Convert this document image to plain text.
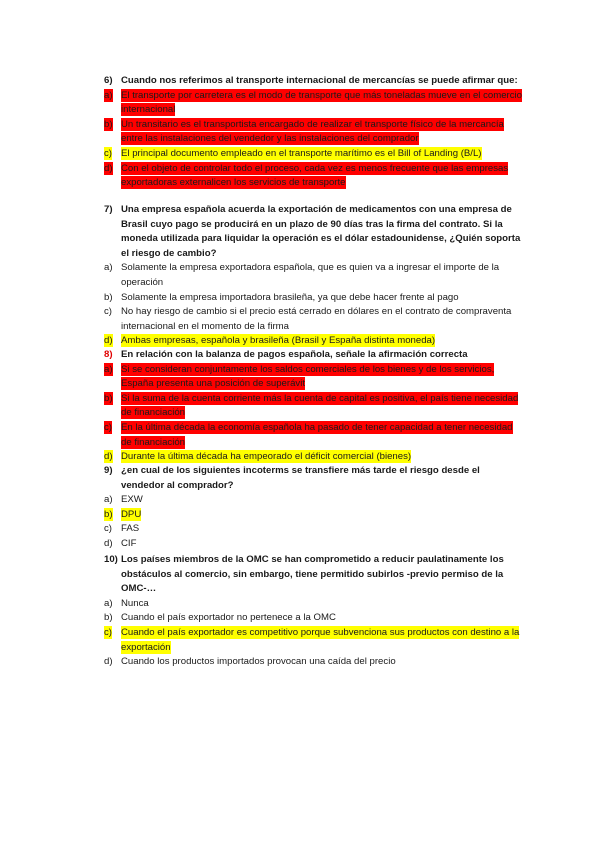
6) Cuando nos referimos al transporte internacional de mercancías se puede afirmar que:
a) El transporte por carretera es el modo de transporte que más toneladas mueve en el comercio internacional
b) Un transitario es el transportista encargado de realizar el transporte físico de la mercancía entre las instalaciones del vendedor y las instalaciones del comprador
c) El principal documento empleado en el transporte marítimo es el Bill of Landing (B/L)
d) Con el objeto de controlar todo el proceso, cada vez es menos frecuente que las empresas exportadoras externalicen los servicios de transporte
7) Una empresa española acuerda la exportación de medicamentos con una empresa de Brasil cuyo pago se producirá en un plazo de 90 días tras la firma del contrato. Si la moneda utilizada para liquidar la operación es el dólar estadounidense, ¿Quién soporta el riesgo de cambio?
a) Solamente la empresa exportadora española, que es quien va a ingresar el importe de la operación
b) Solamente la empresa importadora brasileña, ya que debe hacer frente al pago
c) No hay riesgo de cambio si el precio está cerrado en dólares en el contrato de compraventa internacional en el momento de la firma
d) Ambas empresas, española y brasileña (Brasil y España distinta moneda)
8) En relación con la balanza de pagos española, señale la afirmación correcta
a) Si se consideran conjuntamente los saldos comerciales de los bienes y de los servicios, España presenta una posición de superávit
b) Si la suma de la cuenta corriente más la cuenta de capital es positiva, el país tiene necesidad de financiación
c) En la última década la economía española ha pasado de tener capacidad a tener necesidad de financiación
d) Durante la última década ha empeorado el déficit comercial (bienes)
9) ¿en cual de los siguientes incoterms se transfiere más tarde el riesgo desde el vendedor al comprador?
a) EXW
b) DPU
c) FAS
d) CIF
10) Los países miembros de la OMC se han comprometido a reducir paulatinamente los obstáculos al comercio, sin embargo, tiene permitido subirlos -previo permiso de la OMC-…
a) Nunca
b) Cuando el país exportador no pertenece a la OMC
c) Cuando el país exportador es competitivo porque subvenciona sus productos con destino a la exportación
d) Cuando los productos importados provocan una caída del precio
